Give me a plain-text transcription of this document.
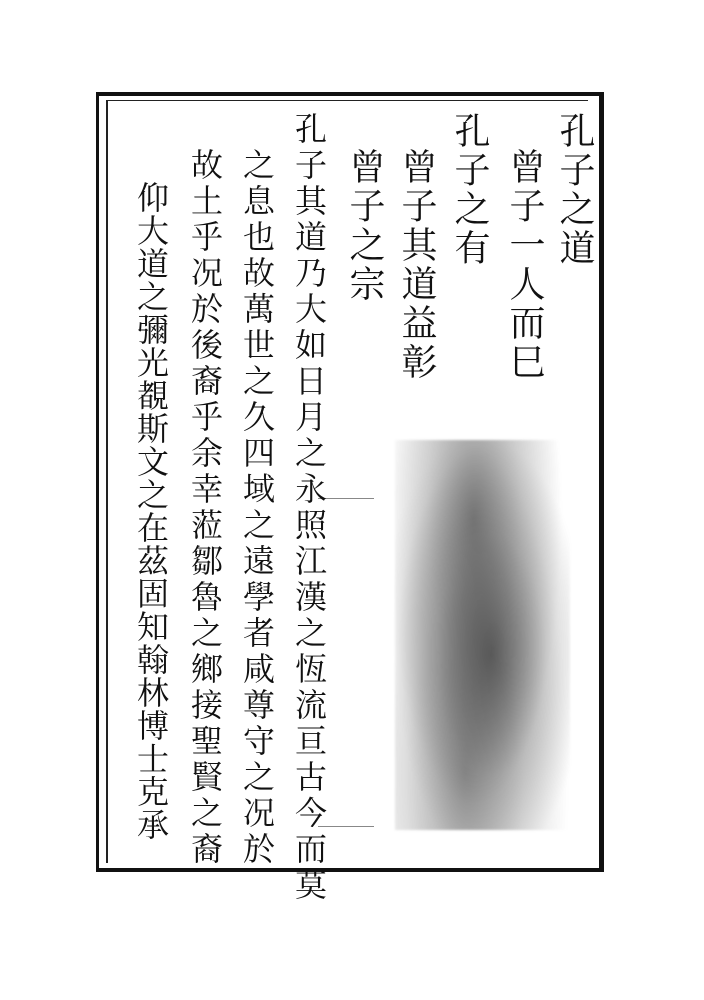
孔子之道
曾子一人而巳
孔子之有
曾子其道益彰
曾子之宗
孔子其道乃大如日月之永照江漢之恆流亘古今而莫
之息也故萬世之久四域之遠學者咸尊守之况於
故土乎况於後裔乎余幸蒞鄒魯之鄉接聖賢之裔
仰大道之彌光覩斯文之在茲固知翰林博士克承
